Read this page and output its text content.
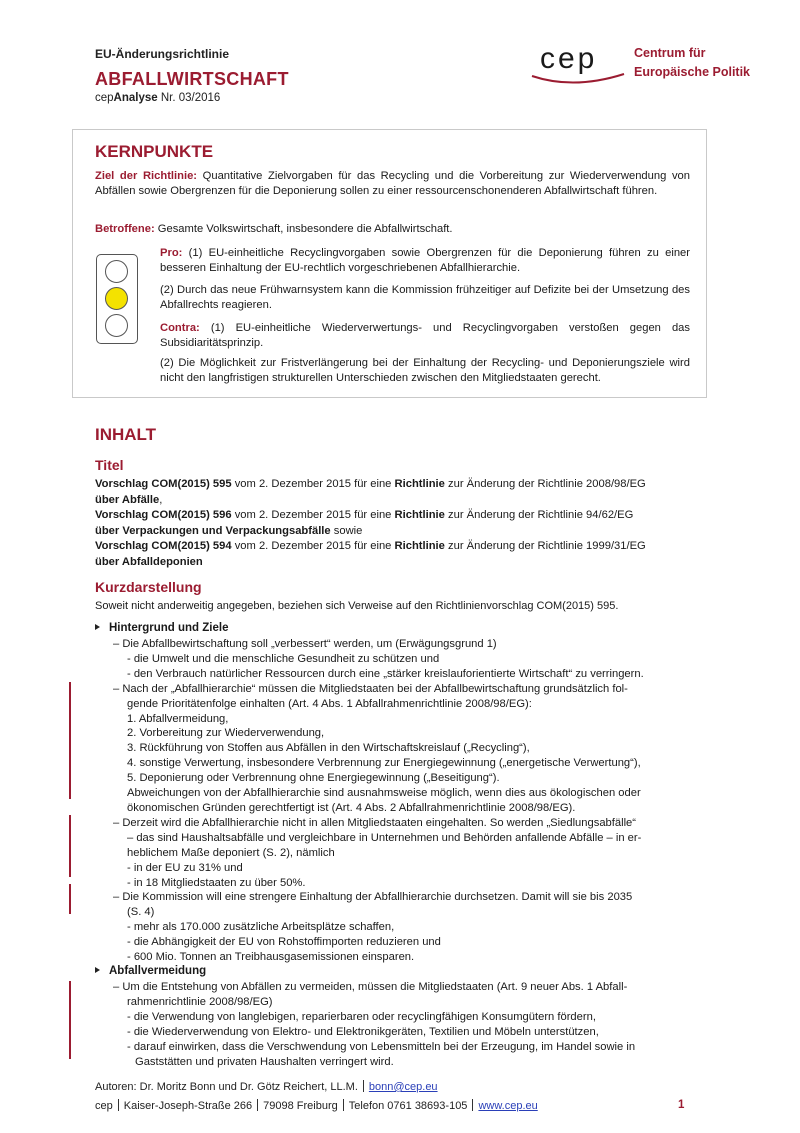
EU-Änderungsrichtlinie
ABFALLWIRTSCHAFT
cepAnalyse Nr. 03/2016
cep	Centrum für
Europäische Politik
KERNPUNKTE
Ziel der Richtlinie: Quantitative Zielvorgaben für das Recycling und die Vorbereitung zur Wiederverwendung von Abfällen sowie Obergrenzen für die Deponierung sollen zu einer ressourcenschonenderen Abfallwirtschaft führen.
Betroffene: Gesamte Volkswirtschaft, insbesondere die Abfallwirtschaft.
Pro: (1) EU-einheitliche Recyclingvorgaben sowie Obergrenzen für die Deponierung führen zu einer besseren Einhaltung der EU-rechtlich vorgeschriebenen Abfallhierarchie.
(2) Durch das neue Frühwarnsystem kann die Kommission frühzeitiger auf Defizite bei der Umsetzung des Abfallrechts reagieren.
Contra: (1) EU-einheitliche Wiederverwertungs- und Recyclingvorgaben verstoßen gegen das Subsidiaritätsprinzip.
(2) Die Möglichkeit zur Fristverlängerung bei der Einhaltung der Recycling- und Deponierungsziele wird nicht den langfristigen strukturellen Unterschieden zwischen den Mitgliedstaaten gerecht.
INHALT
Titel
Vorschlag COM(2015) 595 vom 2. Dezember 2015 für eine Richtlinie zur Änderung der Richtlinie 2008/98/EG
über Abfälle,
Vorschlag COM(2015) 596 vom 2. Dezember 2015 für eine Richtlinie zur Änderung der Richtlinie 94/62/EG
über Verpackungen und Verpackungsabfälle sowie
Vorschlag COM(2015) 594 vom 2. Dezember 2015 für eine Richtlinie zur Änderung der Richtlinie 1999/31/EG
über Abfalldeponien
Kurzdarstellung
Soweit nicht anderweitig angegeben, beziehen sich Verweise auf den Richtlinienvorschlag COM(2015) 595.
Hintergrund und Ziele
– Die Abfallbewirtschaftung soll „verbessert“ werden, um (Erwägungsgrund 1)
- die Umwelt und die menschliche Gesundheit zu schützen und
- den Verbrauch natürlicher Ressourcen durch eine „stärker kreislauforientierte Wirtschaft“ zu verringern.
– Nach der „Abfallhierarchie“ müssen die Mitgliedstaaten bei der Abfallbewirtschaftung grundsätzlich fol-
gende Prioritätenfolge einhalten (Art. 4 Abs. 1 Abfallrahmenrichtlinie 2008/98/EG):
1. Abfallvermeidung,
2. Vorbereitung zur Wiederverwendung,
3. Rückführung von Stoffen aus Abfällen in den Wirtschaftskreislauf („Recycling“),
4. sonstige Verwertung, insbesondere Verbrennung zur Energiegewinnung („energetische Verwertung“),
5. Deponierung oder Verbrennung ohne Energiegewinnung („Beseitigung“).
Abweichungen von der Abfallhierarchie sind ausnahmsweise möglich, wenn dies aus ökologischen oder
ökonomischen Gründen gerechtfertigt ist (Art. 4 Abs. 2 Abfallrahmenrichtlinie 2008/98/EG).
– Derzeit wird die Abfallhierarchie nicht in allen Mitgliedstaaten eingehalten. So werden „Siedlungsabfälle“
– das sind Haushaltsabfälle und vergleichbare in Unternehmen und Behörden anfallende Abfälle – in er-
heblichem Maße deponiert (S. 2), nämlich
- in der EU zu 31% und
- in 18 Mitgliedstaaten zu über 50%.
– Die Kommission will eine strengere Einhaltung der Abfallhierarchie durchsetzen. Damit will sie bis 2035
(S. 4)
- mehr als 170.000 zusätzliche Arbeitsplätze schaffen,
- die Abhängigkeit der EU von Rohstoffimporten reduzieren und
- 600 Mio. Tonnen an Treibhausgasemissionen einsparen.
Abfallvermeidung
– Um die Entstehung von Abfällen zu vermeiden, müssen die Mitgliedstaaten (Art. 9 neuer Abs. 1 Abfall-
rahmenrichtlinie 2008/98/EG)
- die Verwendung von langlebigen, reparierbaren oder recyclingfähigen Konsumgütern fördern,
- die Wiederverwendung von Elektro- und Elektronikgeräten, Textilien und Möbeln unterstützen,
- darauf einwirken, dass die Verschwendung von Lebensmitteln bei der Erzeugung, im Handel sowie in
Gaststätten und privaten Haushalten verringert wird.
Autoren: Dr. Moritz Bonn und Dr. Götz Reichert, LL.M. bonn@cep.eu
cep Kaiser-Joseph-Straße 266 79098 Freiburg Telefon 0761 38693-105 www.cep.eu	1
